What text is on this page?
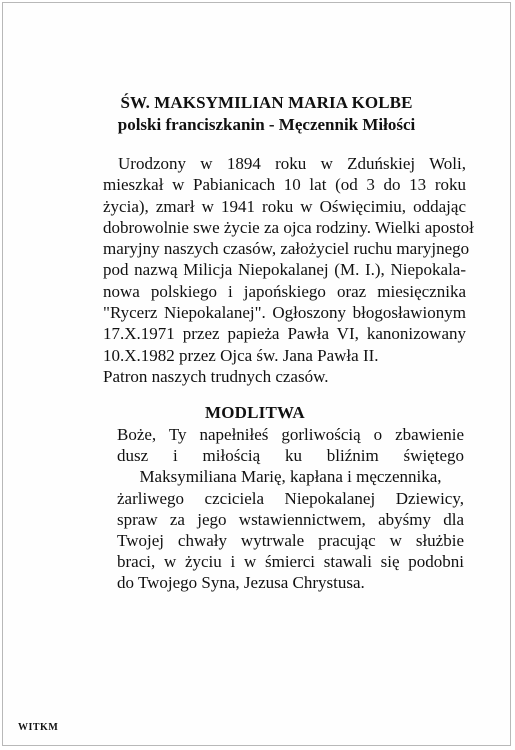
ŚW. MAKSYMILIAN MARIA KOLBE
polski franciszkanin - Męczennik Miłości
Urodzony w 1894 roku w Zduńskiej Woli,
mieszkał w Pabianicach 10 lat (od 3 do 13 roku
życia), zmarł w 1941 roku w Oświęcimiu, oddając
dobrowolnie swe życie za ojca rodziny. Wielki apostoł
maryjny naszych czasów, założyciel ruchu maryjnego
pod nazwą Milicja Niepokalanej (M. I.), Niepokala-
nowa polskiego i japońskiego oraz miesięcznika
"Rycerz Niepokalanej". Ogłoszony błogosławionym
17.X.1971 przez papieża Pawła VI, kanonizowany
10.X.1982 przez Ojca św. Jana Pawła II.
Patron naszych trudnych czasów.
MODLITWA
Boże, Ty napełniłeś gorliwością o zbawienie
dusz i miłością ku bliźnim świętego
Maksymiliana Marię, kapłana i męczennika,
żarliwego czciciela Niepokalanej Dziewicy,
spraw za jego wstawiennictwem, abyśmy dla
Twojej chwały wytrwale pracując w służbie
braci, w życiu i w śmierci stawali się podobni
do Twojego Syna, Jezusa Chrystusa.
WITKM
